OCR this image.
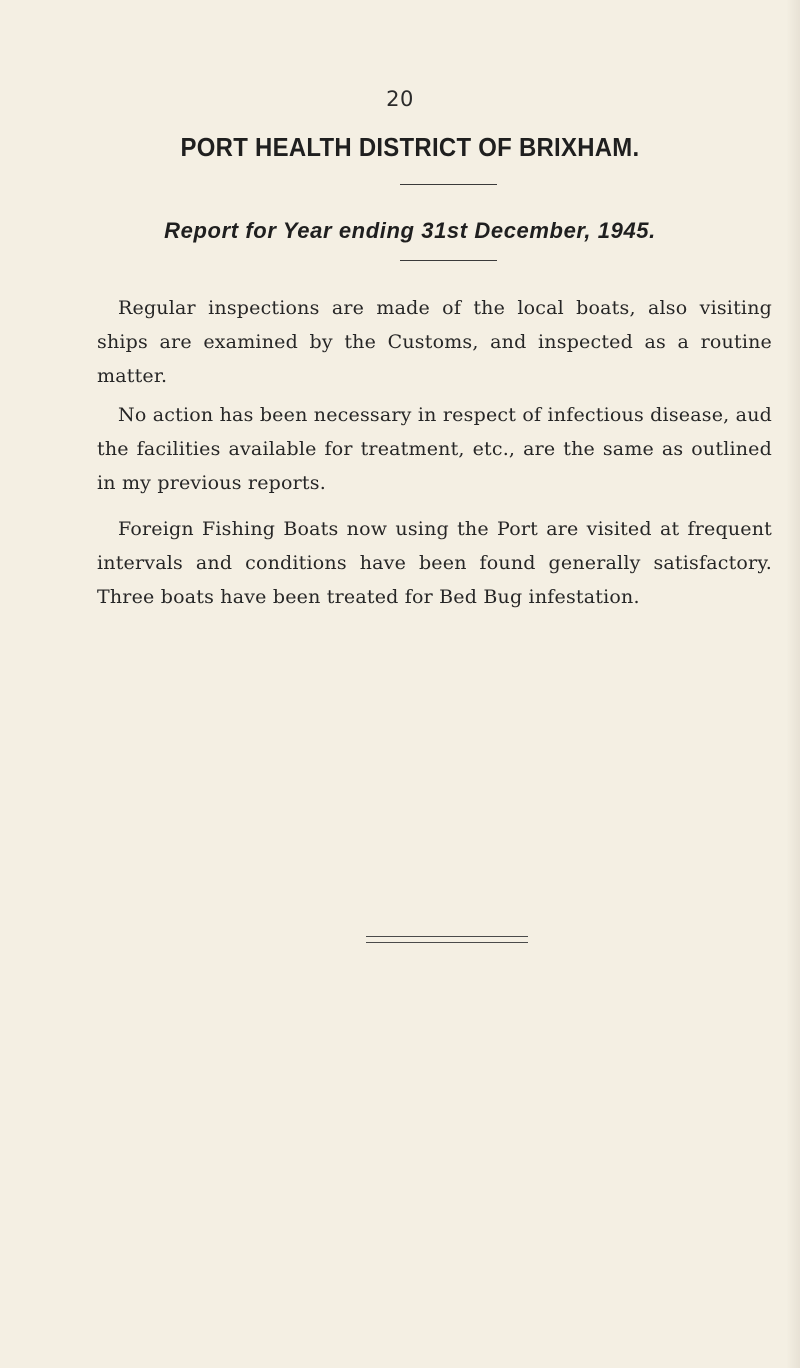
20
PORT HEALTH DISTRICT OF BRIXHAM.
Report for Year ending 31st December, 1945.

Regular inspections are made of the local boats, also visiting ships are examined by the Customs, and inspected as a routine matter.

No action has been necessary in respect of infectious disease, aud the facilities available for treatment, etc., are the same as outlined in my previous reports.

Foreign Fishing Boats now using the Port are visited at frequent intervals and conditions have been found generally satisfactory. Three boats have been treated for Bed Bug infestation.
